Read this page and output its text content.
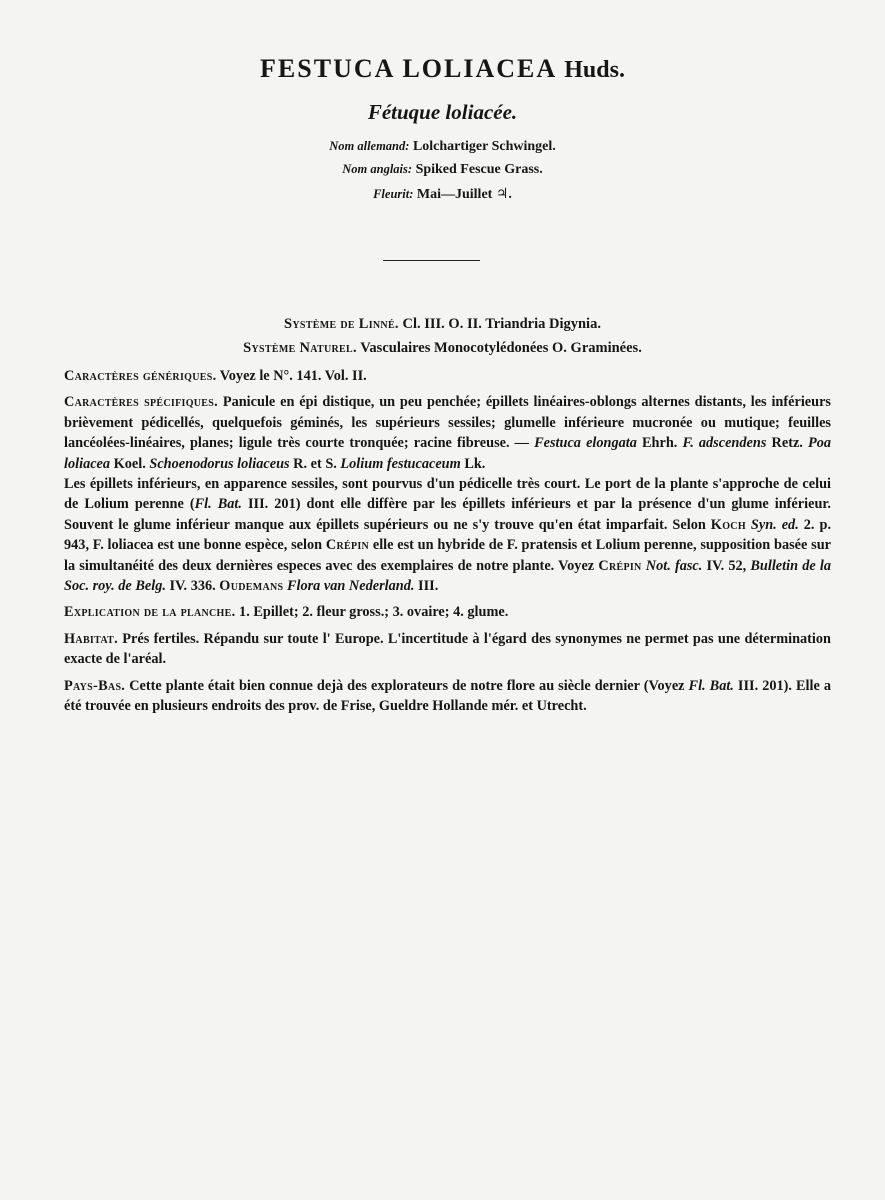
FESTUCA LOLIACEA Huds.
Fétuque loliacée.
Nom allemand: Lolchartiger Schwingel.
Nom anglais: Spiked Fescue Grass.
Fleurit: Mai—Juillet ♃.
Système de Linné. Cl. III. O. II. Triandria Digynia.
Système Naturel. Vasculaires Monocotylédonées O. Graminées.

Caractères génériques. Voyez le N°. 141. Vol. II.

Caractères spécifiques. Panicule en épi distique, un peu penchée; épillets linéaires-oblongs alternes distants, les inférieurs brièvement pédicellés, quelquefois géminés, les supérieurs sessiles; glumelle inférieure mucronée ou mutique; feuilles lancéolées-linéaires, planes; ligule très courte tronquée; racine fibreuse. — Festuca elongata Ehrh. F. adscendens Retz. Poa loliacea Koel. Schoenodorus loliaceus R. et S. Lolium festucaceum Lk.

Les épillets inférieurs, en apparence sessiles, sont pourvus d'un pédicelle très court. Le port de la plante s'approche de celui de Lolium perenne (Fl. Bat. III. 201) dont elle diffère par les épillets inférieurs et par la présence d'un glume inférieur. Souvent le glume inférieur manque aux épillets supérieurs ou ne s'y trouve qu'en état imparfait. Selon Koch Syn. ed. 2. p. 943, F. loliacea est une bonne espèce, selon Crépin elle est un hybride de F. pratensis et Lolium perenne, supposition basée sur la simultanéité des deux dernières especes avec des exemplaires de notre plante. Voyez Crépin Not. fasc. IV. 52, Bulletin de la Soc. roy. de Belg. IV. 336. Oudemans Flora van Nederland. III.

Explication de la planche. 1. Epillet; 2. fleur gross.; 3. ovaire; 4. glume.

Habitat. Prés fertiles. Répandu sur toute l' Europe. L'incertitude à l'égard des synonymes ne permet pas une détermination exacte de l'aréal.

Pays-Bas. Cette plante était bien connue dejà des explorateurs de notre flore au siècle dernier (Voyez Fl. Bat. III. 201). Elle a été trouvée en plusieurs endroits des prov. de Frise, Gueldre Hollande mér. et Utrecht.
